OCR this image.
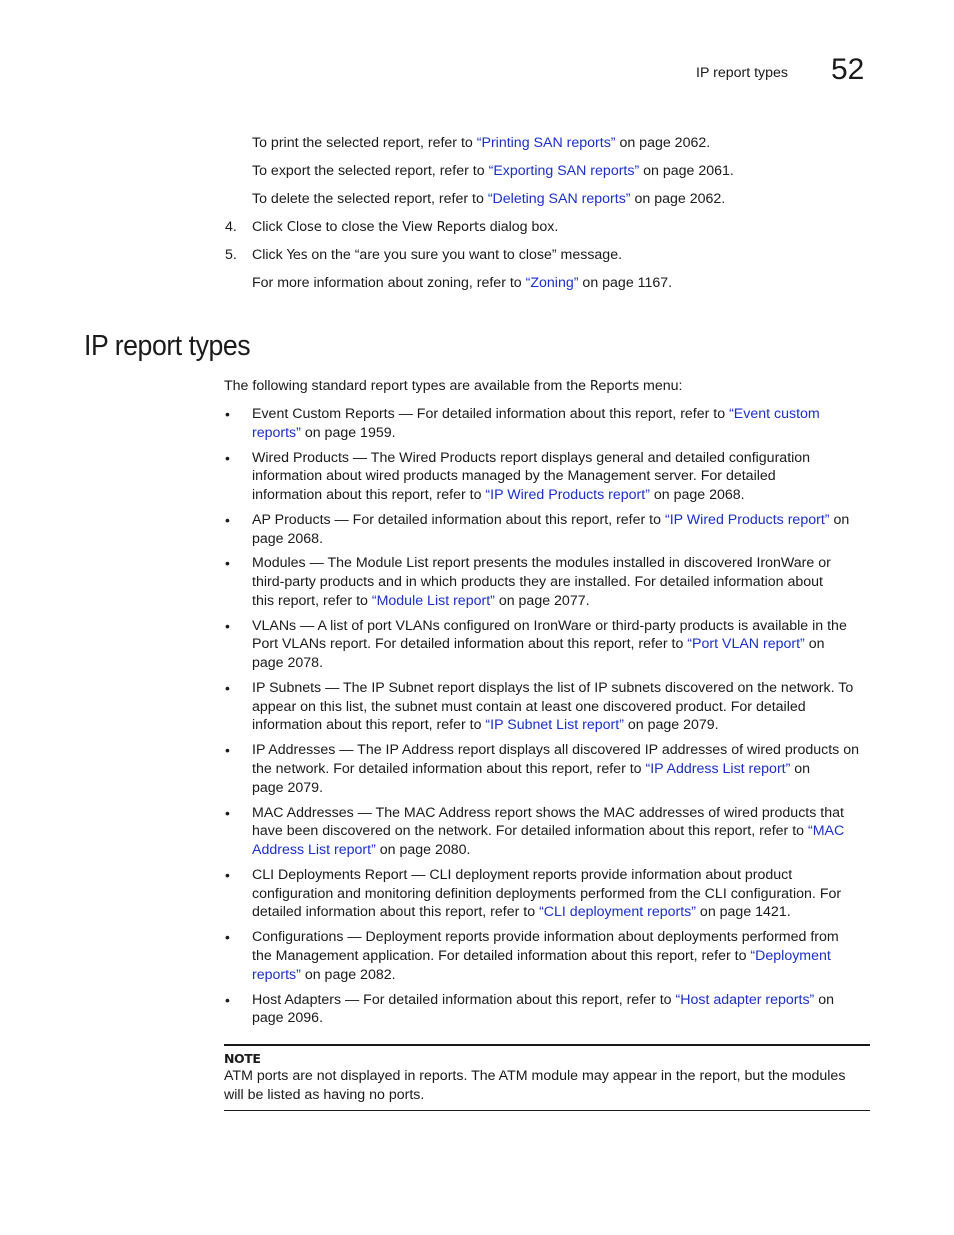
IP report types 52
To print the selected report, refer to “Printing SAN reports” on page 2062.
To export the selected report, refer to “Exporting SAN reports” on page 2061.
To delete the selected report, refer to “Deleting SAN reports” on page 2062.
4. Click Close to close the View Reports dialog box.
5. Click Yes on the “are you sure you want to close” message.
For more information about zoning, refer to “Zoning” on page 1167.
IP report types
The following standard report types are available from the Reports menu:
• Event Custom Reports — For detailed information about this report, refer to “Event custom
reports” on page 1959.
• Wired Products — The Wired Products report displays general and detailed configuration
information about wired products managed by the Management server. For detailed
information about this report, refer to “IP Wired Products report” on page 2068.
• AP Products — For detailed information about this report, refer to “IP Wired Products report” on
page 2068.
• Modules — The Module List report presents the modules installed in discovered IronWare or
third-party products and in which products they are installed. For detailed information about
this report, refer to “Module List report” on page 2077.
• VLANs — A list of port VLANs configured on IronWare or third-party products is available in the
Port VLANs report. For detailed information about this report, refer to “Port VLAN report” on
page 2078.
• IP Subnets — The IP Subnet report displays the list of IP subnets discovered on the network. To
appear on this list, the subnet must contain at least one discovered product. For detailed
information about this report, refer to “IP Subnet List report” on page 2079.
• IP Addresses — The IP Address report displays all discovered IP addresses of wired products on
the network. For detailed information about this report, refer to “IP Address List report” on
page 2079.
• MAC Addresses — The MAC Address report shows the MAC addresses of wired products that
have been discovered on the network. For detailed information about this report, refer to “MAC
Address List report” on page 2080.
• CLI Deployments Report — CLI deployment reports provide information about product
configuration and monitoring definition deployments performed from the CLI configuration. For
detailed information about this report, refer to “CLI deployment reports” on page 1421.
• Configurations — Deployment reports provide information about deployments performed from
the Management application. For detailed information about this report, refer to “Deployment
reports” on page 2082.
• Host Adapters — For detailed information about this report, refer to “Host adapter reports” on
page 2096.
NOTE
ATM ports are not displayed in reports. The ATM module may appear in the report, but the modules
will be listed as having no ports.
